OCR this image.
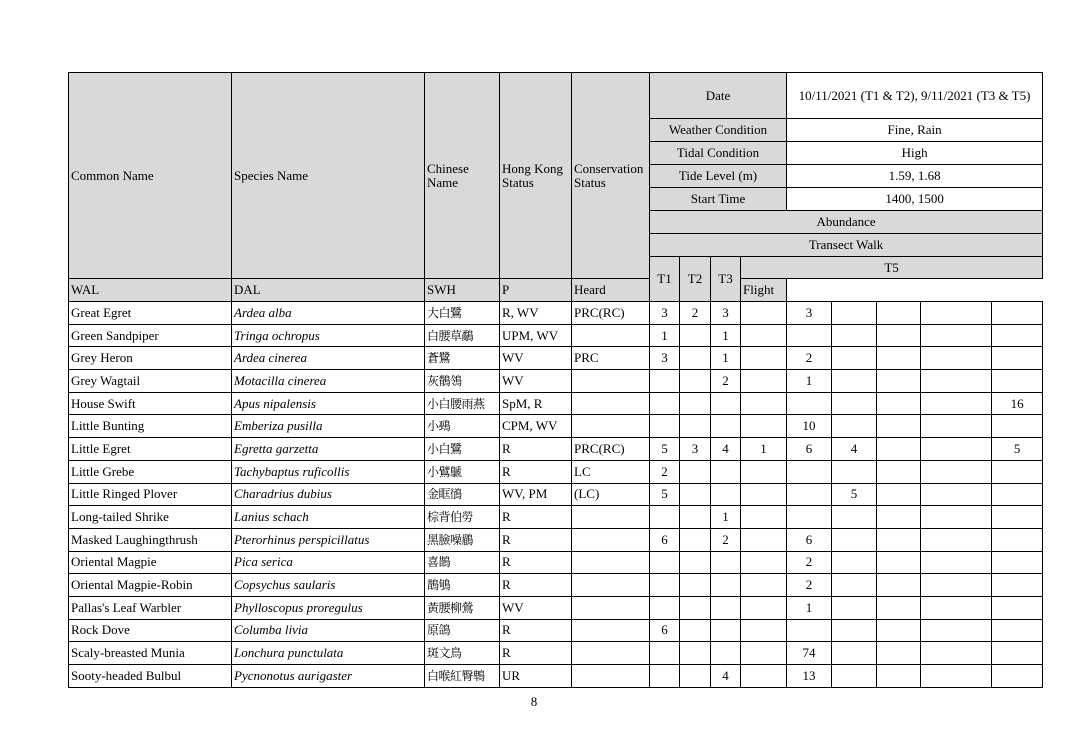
Common Name	Species Name	Chinese Name	Hong Kong Status	Conservation Status	Date				10/11/2021 (T1 & T2), 9/11/2021 (T3 & T5)				

					Weather Condition				Fine, Rain				
					Tidal Condition				High				
					Tide Level (m)				1.59, 1.68				
					Start Time				1400, 1500				
					Abundance								
					Transect Walk								
					T1	T2	T3	T5					
WAL	DAL	SWH	P	Heard				Flight					
Great Egret	Ardea alba	大白鷺	R, WV	PRC(RC)	3	2	3		3				
Green Sandpiper	Tringa ochropus	白腰草鷸	UPM, WV		1		1						
Grey Heron	Ardea cinerea	蒼鷺	WV	PRC	3		1		2				
Grey Wagtail	Motacilla cinerea	灰鶺鴒	WV				2		1				
House Swift	Apus nipalensis	小白腰雨燕	SpM, R										16
Little Bunting	Emberiza pusilla	小鵐	CPM, WV						10				
Little Egret	Egretta garzetta	小白鷺	R	PRC(RC)	5	3	4	1	6	4			5
Little Grebe	Tachybaptus ruficollis	小鷿鷈	R	LC	2								
Little Ringed Plover	Charadrius dubius	金眶鴴	WV, PM	(LC)	5					5			
Long-tailed Shrike	Lanius schach	棕背伯勞	R				1						
Masked Laughingthrush	Pterorhinus perspicillatus	黑臉噪鶥	R		6		2		6				
Oriental Magpie	Pica serica	喜鵲	R						2				
Oriental Magpie-Robin	Copsychus saularis	鵲鴝	R						2				
Pallas's Leaf Warbler	Phylloscopus proregulus	黃腰柳鶯	WV						1				
Rock Dove	Columba livia	原鴿	R		6								
Scaly-breasted Munia	Lonchura punctulata	斑文鳥	R						74				
Sooty-headed Bulbul	Pycnonotus aurigaster	白喉紅臀鵯	UR				4		13				
8
